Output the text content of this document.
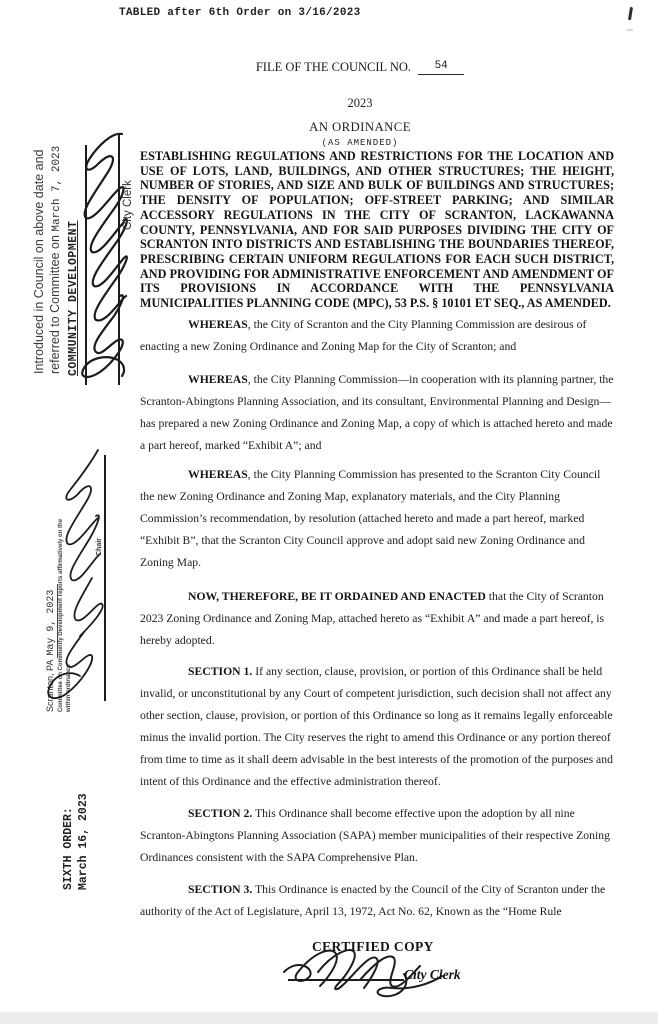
TABLED after 6th Order on 3/16/2023
FILE OF THE COUNCIL NO. 54
2023
AN ORDINANCE
(AS AMENDED)
ESTABLISHING REGULATIONS AND RESTRICTIONS FOR THE LOCATION AND USE OF LOTS, LAND, BUILDINGS, AND OTHER STRUCTURES; THE HEIGHT, NUMBER OF STORIES, AND SIZE AND BULK OF BUILDINGS AND STRUCTURES; THE DENSITY OF POPULATION; OFF-STREET PARKING; AND SIMILAR ACCESSORY REGULATIONS IN THE CITY OF SCRANTON, LACKAWANNA COUNTY, PENNSYLVANIA, AND FOR SAID PURPOSES DIVIDING THE CITY OF SCRANTON INTO DISTRICTS AND ESTABLISHING THE BOUNDARIES THEREOF, PRESCRIBING CERTAIN UNIFORM REGULATIONS FOR EACH SUCH DISTRICT, AND PROVIDING FOR ADMINISTRATIVE ENFORCEMENT AND AMENDMENT OF ITS PROVISIONS IN ACCORDANCE WITH THE PENNSYLVANIA MUNICIPALITIES PLANNING CODE (MPC), 53 P.S. § 10101 ET SEQ., AS AMENDED.
WHEREAS, the City of Scranton and the City Planning Commission are desirous of enacting a new Zoning Ordinance and Zoning Map for the City of Scranton; and
WHEREAS, the City Planning Commission—in cooperation with its planning partner, the Scranton-Abingtons Planning Association, and its consultant, Environmental Planning and Design—has prepared a new Zoning Ordinance and Zoning Map, a copy of which is attached hereto and made a part hereof, marked “Exhibit A”; and
WHEREAS, the City Planning Commission has presented to the Scranton City Council the new Zoning Ordinance and Zoning Map, explanatory materials, and the City Planning Commission’s recommendation, by resolution (attached hereto and made a part hereof, marked “Exhibit B”, that the Scranton City Council approve and adopt said new Zoning Ordinance and Zoning Map.
NOW, THEREFORE, BE IT ORDAINED AND ENACTED that the City of Scranton 2023 Zoning Ordinance and Zoning Map, attached hereto as “Exhibit A” and made a part hereof, is hereby adopted.
SECTION 1. If any section, clause, provision, or portion of this Ordinance shall be held invalid, or unconstitutional by any Court of competent jurisdiction, such decision shall not affect any other section, clause, provision, or portion of this Ordinance so long as it remains legally enforceable minus the invalid portion. The City reserves the right to amend this Ordinance or any portion thereof from time to time as it shall deem advisable in the best interests of the promotion of the purposes and intent of this Ordinance and the effective administration thereof.
SECTION 2. This Ordinance shall become effective upon the adoption by all nine Scranton-Abingtons Planning Association (SAPA) member municipalities of their respective Zoning Ordinances consistent with the SAPA Comprehensive Plan.
SECTION 3. This Ordinance is enacted by the Council of the City of Scranton under the authority of the Act of Legislature, April 13, 1972, Act No. 62, Known as the “Home Rule
Introduced in Council on above date and referred to Committee on March 7, 2023
COMMUNITY DEVELOPMENT
City Clerk
Scranton, PA May 9, 2023 Committee on Community Development reports affirmatively on the within ordinance
Chair
SIXTH ORDER: March 16, 2023
CERTIFIED COPY
City Clerk
